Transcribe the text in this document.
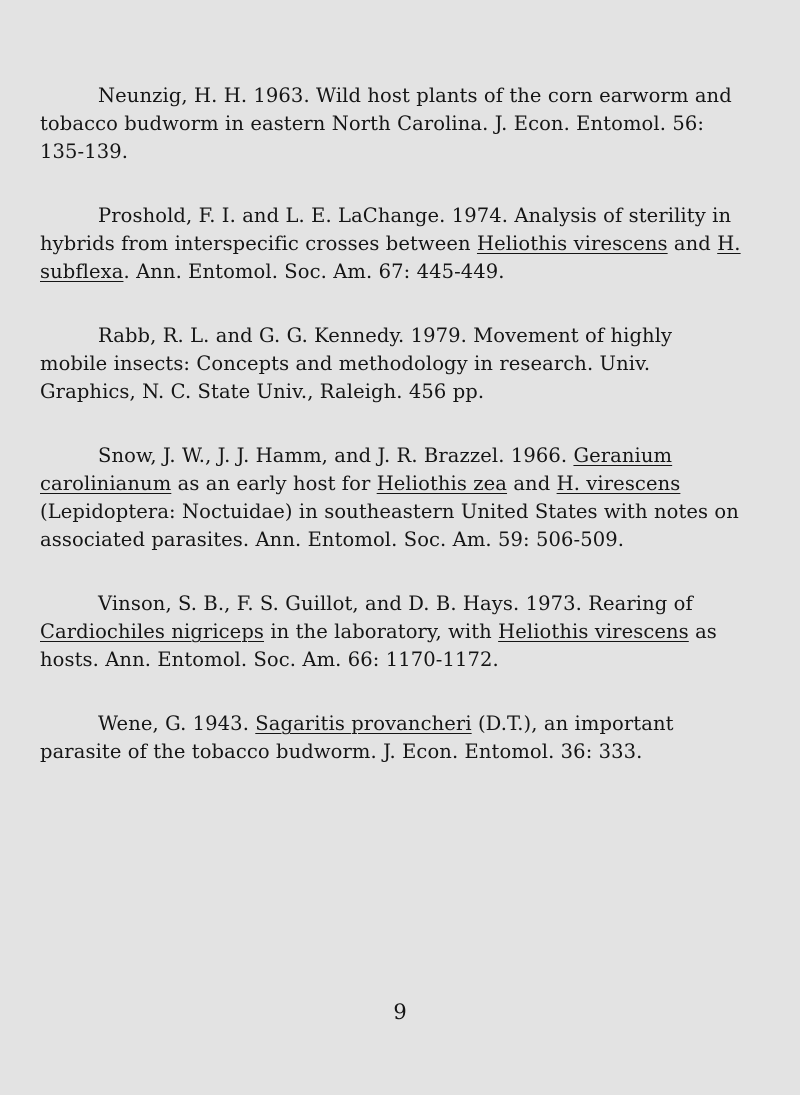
Neunzig, H. H. 1963. Wild host plants of the corn earworm and tobacco budworm in eastern North Carolina. J. Econ. Entomol. 56: 135-139.

Proshold, F. I. and L. E. LaChange. 1974. Analysis of sterility in hybrids from interspecific crosses between Heliothis virescens and H. subflexa. Ann. Entomol. Soc. Am. 67: 445-449.

Rabb, R. L. and G. G. Kennedy. 1979. Movement of highly mobile insects: Concepts and methodology in research. Univ. Graphics, N. C. State Univ., Raleigh. 456 pp.

Snow, J. W., J. J. Hamm, and J. R. Brazzel. 1966. Geranium carolinianum as an early host for Heliothis zea and H. virescens (Lepidoptera: Noctuidae) in southeastern United States with notes on associated parasites. Ann. Entomol. Soc. Am. 59: 506-509.

Vinson, S. B., F. S. Guillot, and D. B. Hays. 1973. Rearing of Cardiochiles nigriceps in the laboratory, with Heliothis virescens as hosts. Ann. Entomol. Soc. Am. 66: 1170-1172.

Wene, G. 1943. Sagaritis provancheri (D.T.), an important parasite of the tobacco budworm. J. Econ. Entomol. 36: 333.

9
